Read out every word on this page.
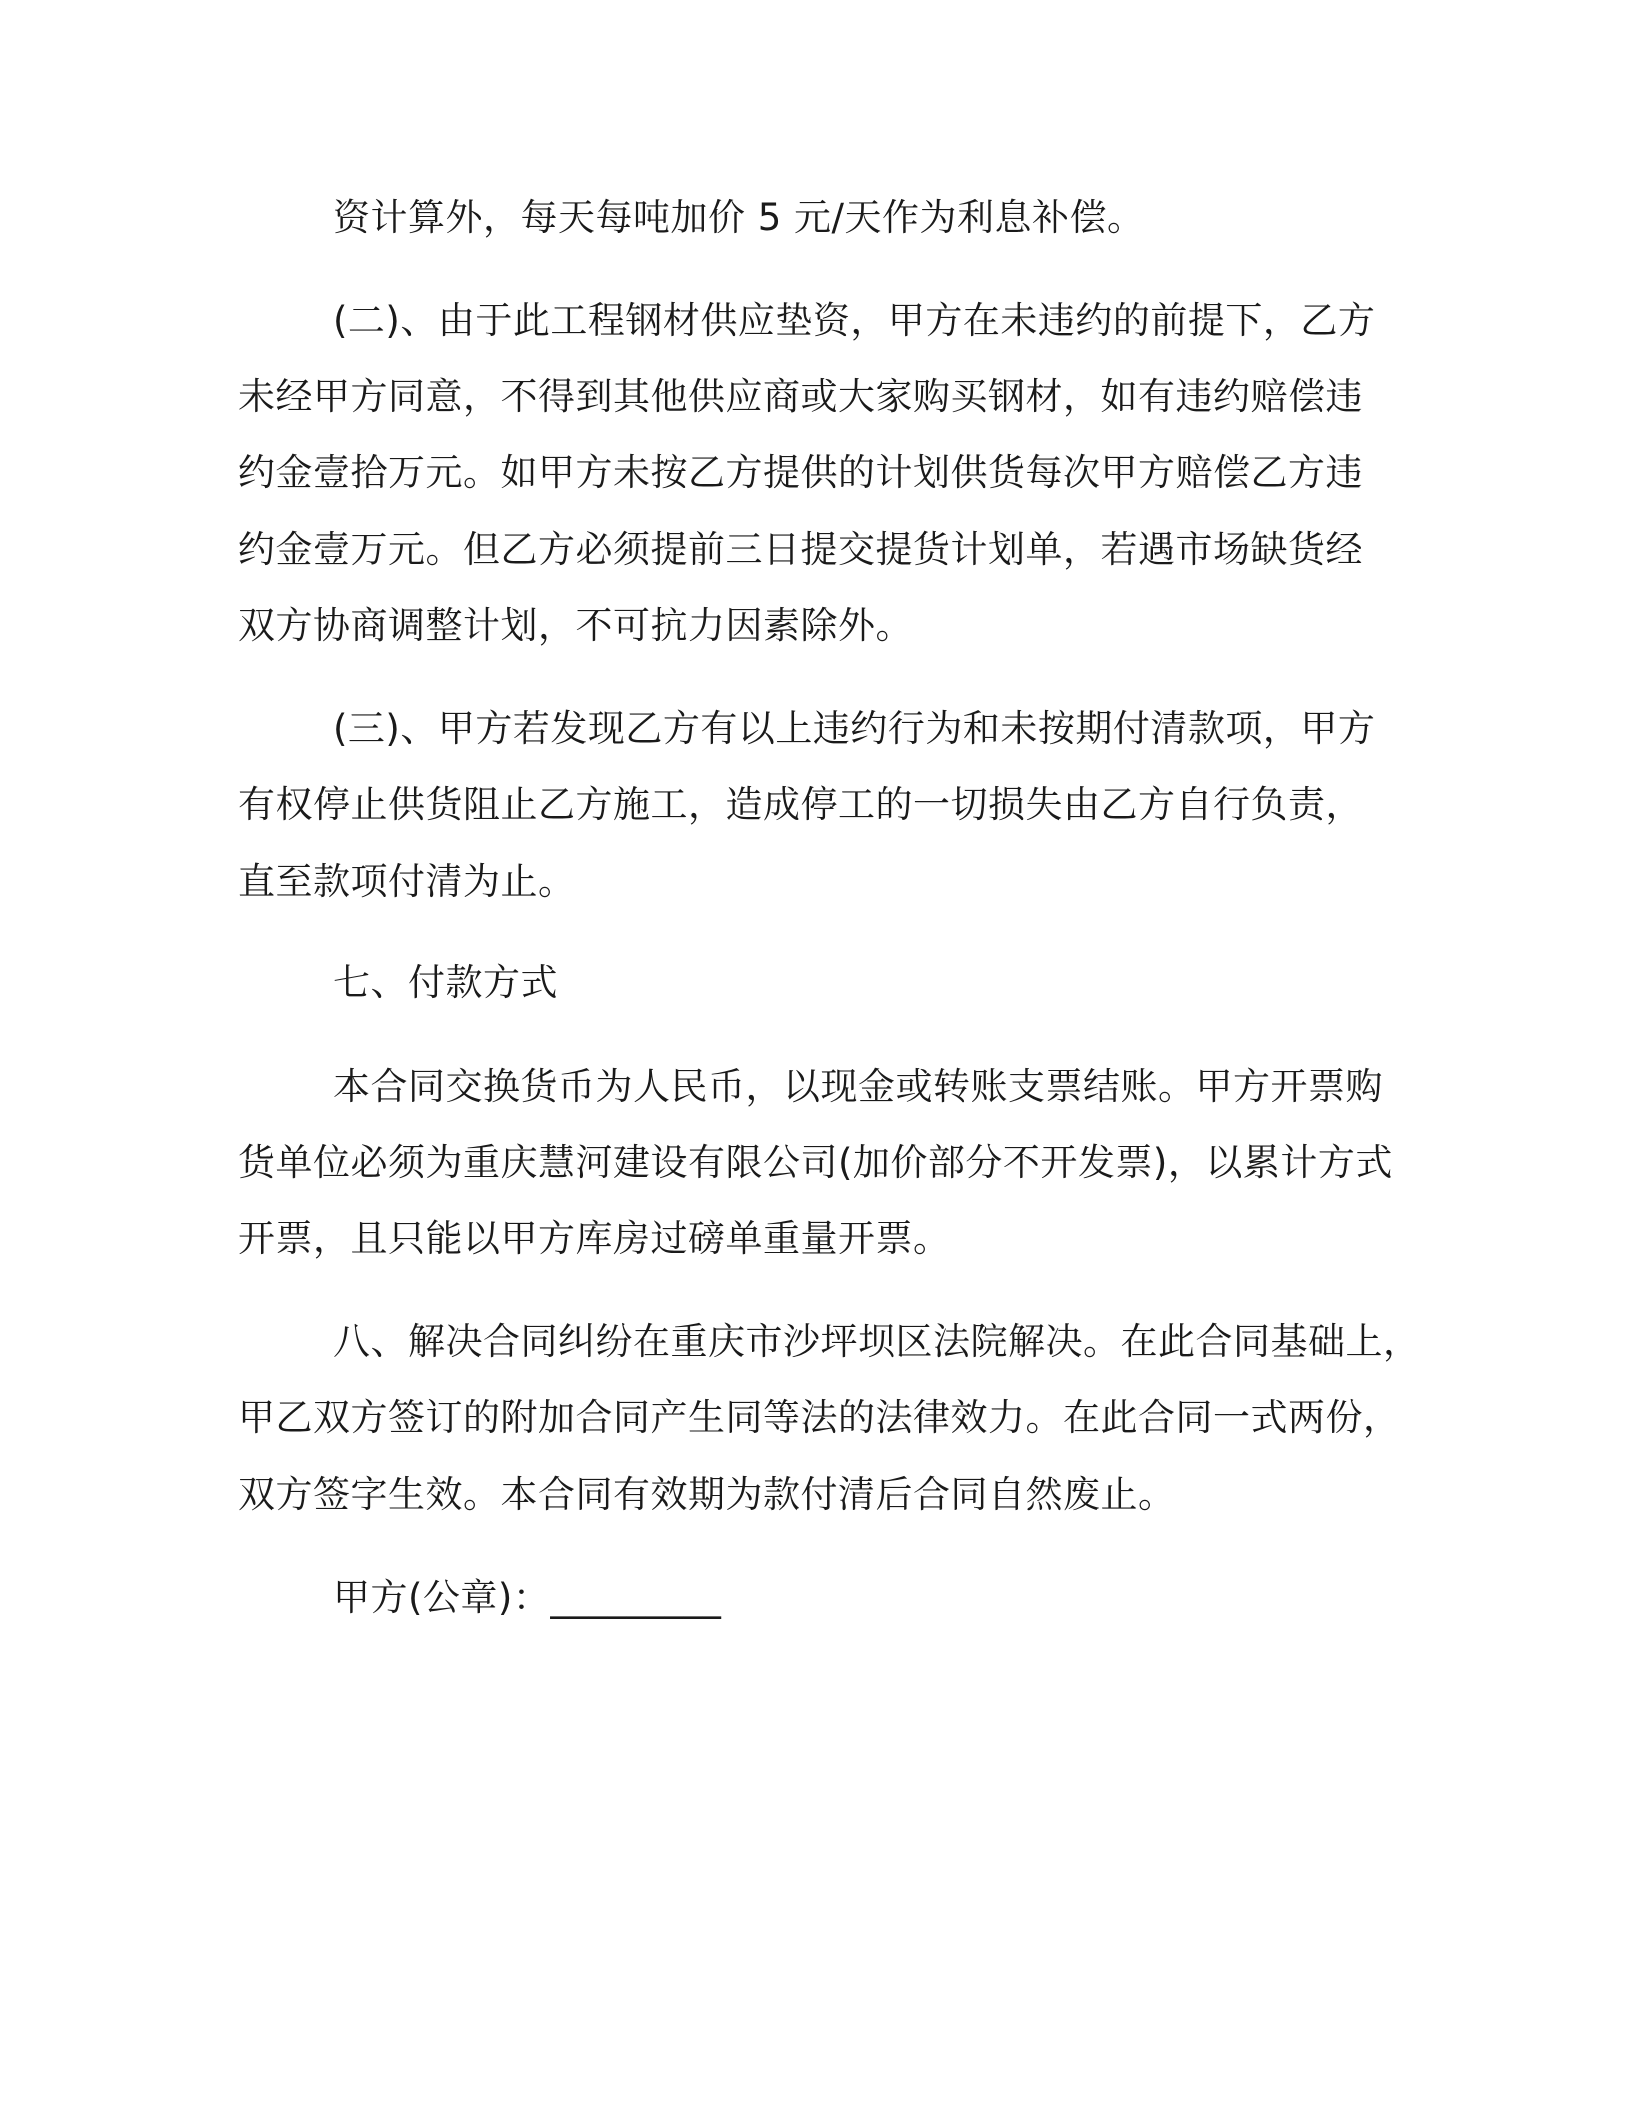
资计算外，每天每吨加价 5 元/天作为利息补偿。
(二)、由于此工程钢材供应垫资，甲方在未违约的前提下，乙方
未经甲方同意，不得到其他供应商或大家购买钢材，如有违约赔偿违
约金壹拾万元。如甲方未按乙方提供的计划供货每次甲方赔偿乙方违
约金壹万元。但乙方必须提前三日提交提货计划单，若遇市场缺货经
双方协商调整计划，不可抗力因素除外。
(三)、甲方若发现乙方有以上违约行为和未按期付清款项，甲方
有权停止供货阻止乙方施工，造成停工的一切损失由乙方自行负责，
直至款项付清为止。
七、付款方式
本合同交换货币为人民币，以现金或转账支票结账。甲方开票购
货单位必须为重庆慧河建设有限公司(加价部分不开发票)，以累计方式
开票，且只能以甲方库房过磅单重量开票。
八、解决合同纠纷在重庆市沙坪坝区法院解决。在此合同基础上，
甲乙双方签订的附加合同产生同等法的法律效力。在此合同一式两份，
双方签字生效。本合同有效期为款付清后合同自然废止。
甲方(公章)：_________
